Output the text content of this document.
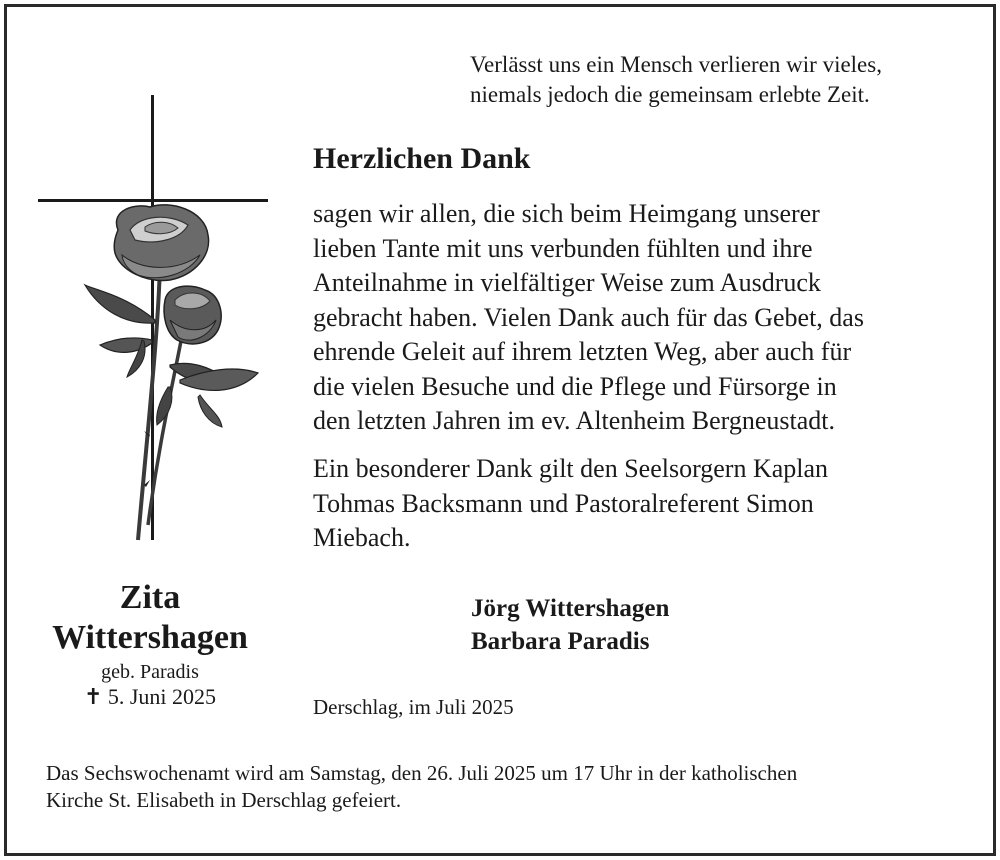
Verlässt uns ein Mensch verlieren wir vieles,
niemals jedoch die gemeinsam erlebte Zeit.
Zita
Wittershagen
geb. Paradis
✝ 5. Juni 2025
Herzlichen Dank
sagen wir allen, die sich beim Heimgang unserer
lieben Tante mit uns verbunden fühlten und ihre
Anteilnahme in vielfältiger Weise zum Ausdruck
gebracht haben. Vielen Dank auch für das Gebet, das
ehrende Geleit auf ihrem letzten Weg, aber auch für
die vielen Besuche und die Pflege und Fürsorge in
den letzten Jahren im ev. Altenheim Bergneustadt.
Ein besonderer Dank gilt den Seelsorgern Kaplan
Tohmas Backsmann und Pastoralreferent Simon
Miebach.
Jörg Wittershagen
Barbara Paradis
Derschlag, im Juli 2025
Das Sechswochenamt wird am Samstag, den 26. Juli 2025 um 17 Uhr in der katholischen
Kirche St. Elisabeth in Derschlag gefeiert.
